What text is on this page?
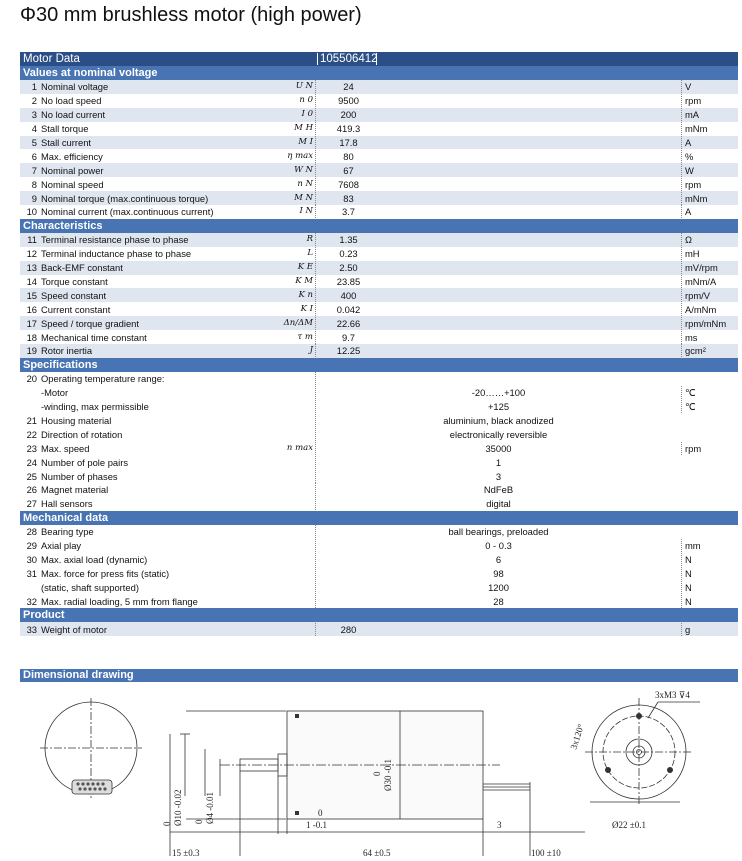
Φ30 mm brushless motor (high power)
Motor Data	105506412
Values at nominal voltage
1 Nominal voltage	U N	24	V
2 No load speed	n 0	9500	rpm
3 No load current	I 0	200	mA
4 Stall torque	M H	419.3	mNm
5 Stall current	M I	17.8	A
6 Max. efficiency	η max	80	%
7 Nominal power	W N	67	W
8 Nominal speed	n N	7608	rpm
9 Nominal torque (max.continuous torque)	M N	83	mNm
10 Nominal current (max.continuous current)	I N	3.7	A
Characteristics
11 Terminal resistance phase to phase	R	1.35	Ω
12 Terminal inductance phase to phase	L	0.23	mH
13 Back-EMF constant	K E	2.50	mV/rpm
14 Torque constant	K M	23.85	mNm/A
15 Speed constant	K n	400	rpm/V
16 Current constant	K I	0.042	A/mNm
17 Speed / torque gradient	Δn/ΔM	22.66	rpm/mNm
18 Mechanical time constant	τ m	9.7	ms
19 Rotor inertia	J	12.25	gcm²
Specifications
20 Operating temperature range:
-Motor	-20……+100	℃
-winding, max permissible	+125	℃
21 Housing material	aluminium, black anodized
22 Direction of rotation	electronically reversible
23 Max. speed	n max	35000	rpm
24 Number of pole pairs	1
25 Number of phases	3
26 Magnet material	NdFeB
27 Hall sensors	digital
Mechanical data
28 Bearing type	ball bearings, preloaded
29 Axial play	0 - 0.3	mm
30 Max. axial load (dynamic)	6	N
31 Max. force for press fits (static)	98	N
(static, shaft supported)	1200	N
32 Max. radial loading, 5 mm from flange	28	N
Product
33 Weight of motor	280	g
Dimensional drawing
15 ±0.3	64 ±0.5	100 ±10
0
1 -0.1	3	Ø22 ±0.1
3xM3 ⊽4
0 Ø30 -0.1
0 Ø10 -0.02 0 Ø4 -0.01
3x120°
